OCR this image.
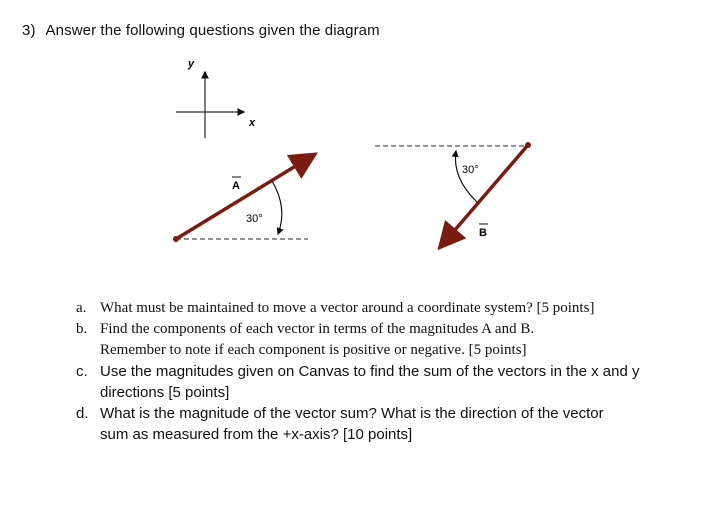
3) Answer the following questions given the diagram
y
x
30°
A
30°
B
a. What must be maintained to move a vector around a coordinate system? [5 points]
b. Find the components of each vector in terms of the magnitudes A and B.
Remember to note if each component is positive or negative. [5 points]
c. Use the magnitudes given on Canvas to find the sum of the vectors in the x and y
directions [5 points]
d. What is the magnitude of the vector sum? What is the direction of the vector
sum as measured from the +x-axis? [10 points]
